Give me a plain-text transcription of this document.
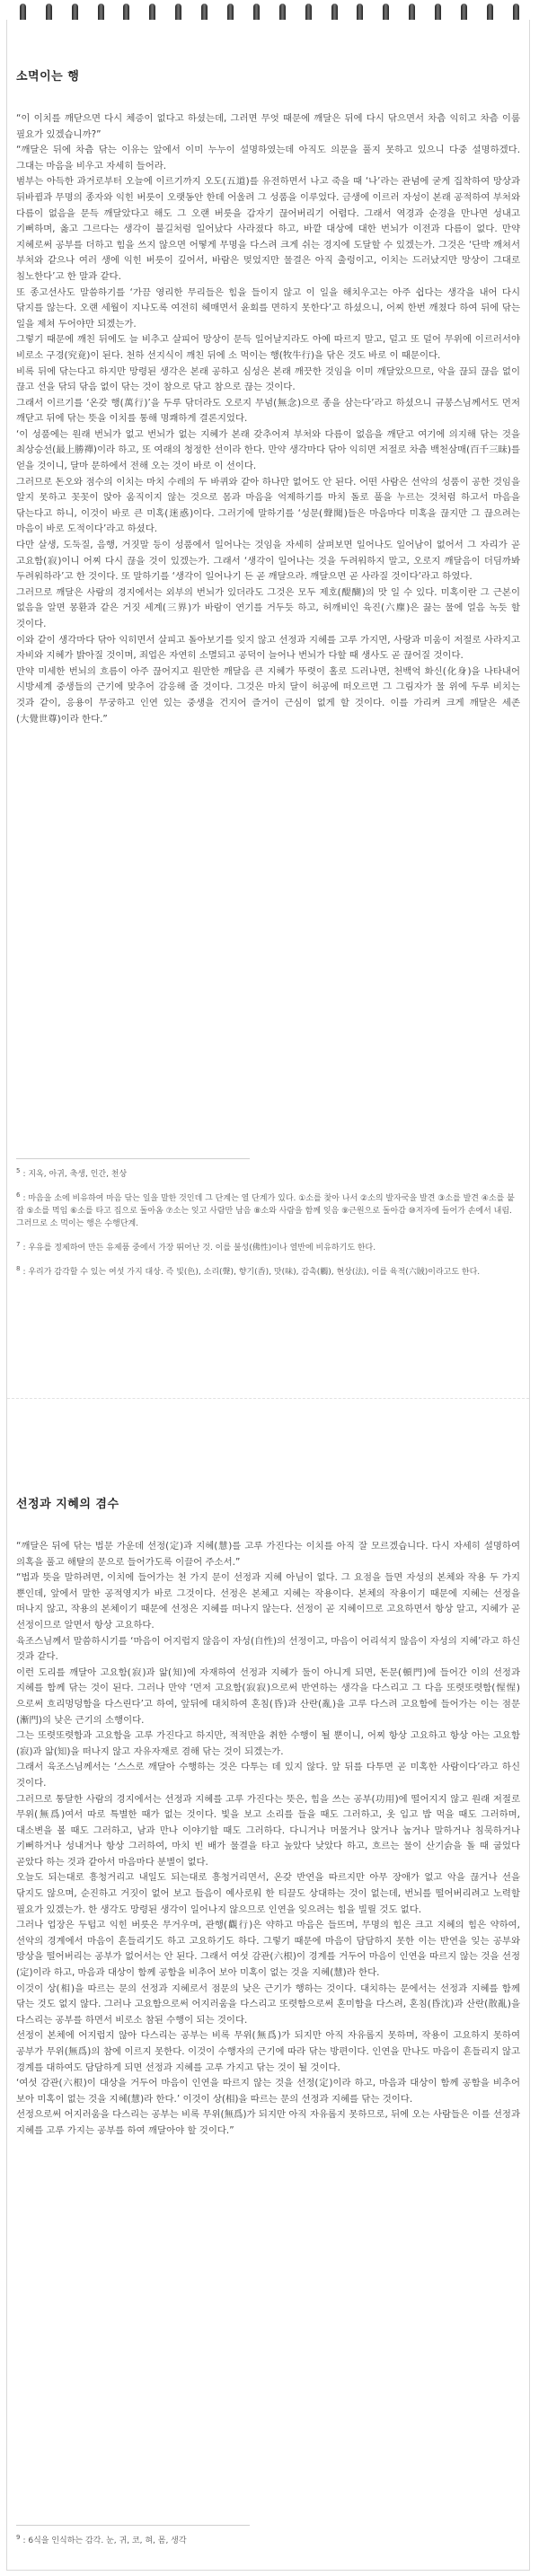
소멱이는 행

“이 이치를 깨닫으면 다시 체증이 없다고 하셨는데, 그러면 무엇 때문에 깨달은 뒤에 다시 닦으면서 차츰 익히고 차츰 이룸 필요가 있겠습니까?”

“깨달은 뒤에 차츰 닦는 이유는 앞에서 이미 누누이 설명하였는데 아직도 의문을 풀지 못하고 있으니 다중 설명하겠다. 그대는 마음을 비우고 자세히 들어라.

범부는 아득한 과거로부터 오늘에 이르기까지 오도(五道)를 유전하면서 나고 죽을 때 ‘나’라는 관념에 굳게 집착하여 망상과 뒤바뀜과 무명의 종자와 익힌 버릇이 오랫동안 한데 어울려 그 성품을 이루었다. 금생에 이르러 자성이 본래 공적하여 부처와 다름이 없음을 문득 깨달았다고 해도 그 오랜 버릇을 갑자기 끊어버리기 어렵다. 그래서 역경과 순경을 만나면 성내고 기뻐하며, 옳고 그르다는 생각이 불길처럼 일어났다 사라졌다 하고, 바깥 대상에 대한 번뇌가 이전과 다름이 없다. 만약 지혜로써 공부를 더하고 힘을 쓰지 않으면 어떻게 무명을 다스려 크게 쉬는 경지에 도달할 수 있겠는가. 그것은 ‘단박 깨쳐서 부처와 같으나 여러 생에 익힌 버릇이 깊어서, 바람은 멎었지만 물결은 아직 출렁이고, 이치는 드러났지만 망상이 그대로 침노한다’고 한 말과 같다.

또 종고선사도 말씀하기를 ‘가끔 영리한 무리들은 힘을 들이지 않고 이 일을 해치우고는 아주 쉽다는 생각을 내어 다시 닦지를 않는다. 오랜 세월이 지나도록 여전히 헤매면서 윤회를 면하지 못한다’고 하셨으니, 어찌 한번 깨쳤다 하여 뒤에 닦는 일을 제쳐 두어야만 되겠는가.

그렇기 때문에 깨친 뒤에도 늘 비추고 살피어 망상이 문득 일어날지라도 아예 따르지 말고, 덜고 또 덜어 무위에 이르러서야 비로소 구경(究竟)이 된다. 천하 선지식이 깨친 뒤에 소 먹이는 행(牧牛行)을 닦은 것도 바로 이 때문이다.

비록 뒤에 닦는다고 하지만 망령된 생각은 본래 공하고 심성은 본래 깨끗한 것임을 이미 깨달았으므로, 악을 끊되 끊음 없이 끊고 선을 닦되 닦음 없이 닦는 것이 참으로 닦고 참으로 끊는 것이다.

그래서 이르기를 ‘온갖 행(萬行)’을 두루 닦더라도 오로지 무념(無念)으로 종을 삼는다’라고 하셨으니 규봉스님께서도 먼저 깨닫고 뒤에 닦는 뜻을 이치를 통해 명쾌하게 결론지었다.

‘이 성품에는 원래 번뇌가 없고 번뇌가 없는 지혜가 본래 갖추어져 부처와 다름이 없음을 깨닫고 여기에 의지해 닦는 것을 최상승선(最上勝禪)이라 하고, 또 여래의 청정한 선이라 한다. 만약 생각마다 닦아 익히면 저절로 차츰 백천삼매(百千三昧)를 얻을 것이니, 달마 문하에서 전해 오는 것이 바로 이 선이다.

그러므로 돈오와 점수의 이치는 마치 수레의 두 바퀴와 같아 하나만 없어도 안 된다. 어떤 사람은 선악의 성품이 공한 것임을 알지 못하고 꼿꼿이 앉아 움직이지 않는 것으로 몸과 마음을 억제하기를 마치 돌로 풀을 누르는 것처럼 하고서 마음을 닦는다고 하니, 이것이 바로 큰 미혹(迷惑)이다. 그러기에 말하기를 ‘성문(聲聞)들은 마음마다 미혹을 끊지만 그 끊으려는 마음이 바로 도적이다’라고 하셨다.

다만 살생, 도둑질, 음행, 거짓말 등이 성품에서 일어나는 것임을 자세히 살펴보면 일어나도 일어남이 없어서 그 자리가 곧 고요함(寂)이니 어찌 다시 끊을 것이 있겠는가. 그래서 ‘생각이 일어나는 것을 두려워하지 말고, 오로지 깨달음이 더딤까봐 두려워하라’고 한 것이다. 또 말하기를 ‘생각이 일어나기 든 곧 깨달으라. 깨달으면 곧 사라질 것이다’라고 하였다.

그러므로 깨달은 사람의 경지에서는 외부의 번뇌가 있더라도 그것은 모두 제호(醍醐)의 맛 일 수 있다. 미혹이란 그 근본이 없음을 알면 몽환과 같은 거짓 세계(三界)가 바람이 연기를 거두듯 하고, 허깨비인 육진(六塵)은 끓는 물에 얼음 녹듯 할 것이다.

이와 같이 생각마다 닦아 익히면서 살피고 돌아보기를 잊지 않고 선정과 지혜를 고루 가지면, 사랑과 미움이 저절로 사라지고 자비와 지혜가 밝아질 것이며, 죄업은 자연히 소멸되고 공덕이 늘어나 번뇌가 다할 때 생사도 곧 끊어질 것이다.

만약 미세한 번뇌의 흐름이 아주 끊어지고 원만한 깨달음 큰 지혜가 뚜렷이 홀로 드러나면, 천백억 화신(化身)을 나타내어 시방세계 중생들의 근기에 맞추어 감응해 줄 것이다. 그것은 마치 달이 허공에 떠오르면 그 그림자가 물 위에 두루 비치는 것과 같이, 응용이 무궁하고 인연 있는 중생을 건지어 즐거이 근심이 없게 할 것이다. 이를 가리켜 크게 깨달은 세존(大覺世尊)이라 한다.”

$^5$ : 지옥, 아귀, 축생, 인간, 천상

$^6$ : 마음을 소에 비유하여 마음 닦는 일을 말한 것인데 그 단계는 열 단계가 있다. ①소를 찾아 나서 ②소의 발자국을 발견 ③소를 발견 ④소를 붙잡 ⑤소를 먹임 ⑥소를 타고 집으로 돌아옴 ⑦소는 잊고 사람만 남음 ⑧소와 사람을 함께 잊음 ⑨근원으로 돌아감 ⑩저자에 들어가 손에서 내림. 그러므로 소 먹이는 행은 수행단계.

$^7$ : 우유를 정제하여 만든 유제품 중에서 가장 뛰어난 것. 이를 불성(佛性)이나 열반에 비유하기도 한다.

$^8$ : 우리가 감각할 수 있는 여섯 가지 대상. 즉 빛(色), 소리(聲), 향기(香), 맛(味), 감촉(觸), 현상(法), 이를 육적(六賊)이라고도 한다.

선정과 지혜의 겸수

“깨달은 뒤에 닦는 법문 가운데 선정(定)과 지혜(慧)를 고루 가진다는 이치를 아직 잘 모르겠습니다. 다시 자세히 설명하여 의혹을 풀고 해탈의 문으로 들어가도록 이끌어 주소서.”

“법과 뜻을 말하려면, 이치에 들어가는 천 가지 문이 선정과 지혜 아님이 없다. 그 요점을 들면 자성의 본체와 작용 두 가지 뿐인데, 앞에서 말한 공적영지가 바로 그것이다. 선정은 본체고 지혜는 작용이다. 본체의 작용이기 때문에 지혜는 선정을 떠나지 않고, 작용의 본체이기 때문에 선정은 지혜를 떠나지 않는다. 선정이 곧 지혜이므로 고요하면서 항상 알고, 지혜가 곧 선정이므로 알면서 항상 고요하다.

육조스님께서 말씀하시기를 ‘마음이 어지럽지 않음이 자성(自性)의 선정이고, 마음이 어리석지 않음이 자성의 지혜’라고 하신 것과 같다.

이런 도리를 깨달아 고요함(寂)과 앎(知)에 자재하여 선정과 지혜가 둘이 아니게 되면, 돈문(頓門)에 들어간 이의 선정과 지혜를 함께 닦는 것이 된다. 그러나 만약 ‘먼저 고요함(寂寂)으로써 반연하는 생각을 다스리고 그 다음 또렷또렷함(惺惺)으로써 흐리멍덩함을 다스린다’고 하여, 앞뒤에 대치하여 혼침(昏)과 산란(亂)을 고루 다스려 고요함에 들어가는 이는 점문(漸門)의 낮은 근기의 소행이다.

그는 또렷또렷함과 고요함을 고루 가진다고 하지만, 적적만을 취한 수행이 될 뿐이니, 어찌 항상 고요하고 항상 아는 고요함(寂)과 앎(知)을 떠나지 않고 자유자재로 겸해 닦는 것이 되겠는가.

그래서 육조스님께서는 ‘스스로 깨달아 수행하는 것은 다투는 데 있지 않다. 앞 뒤를 다투면 곧 미혹한 사람이다’라고 하신 것이다.

그러므로 통달한 사람의 경지에서는 선정과 지혜를 고루 가진다는 뜻은, 힘을 쓰는 공부(功用)에 떨어지지 않고 원래 저절로 무위(無爲)여서 따로 특별한 때가 없는 것이다. 빛을 보고 소리를 들을 때도 그러하고, 옷 입고 밥 먹을 때도 그러하며, 대소변을 볼 때도 그러하고, 남과 만나 이야기할 때도 그러하다. 다니거나 머물거나 앉거나 눕거나 말하거나 침묵하거나 기뻐하거나 성내거나 항상 그러하여, 마치 빈 배가 물결을 타고 높았다 낮았다 하고, 흐르는 물이 산기슭을 돌 때 굽었다 곧았다 하는 것과 같아서 마음마다 분별이 없다.

오늘도 되는대로 흥청거리고 내일도 되는대로 흥청거리면서, 온갖 반연을 따르지만 아무 장애가 없고 악을 끊거나 선을 닦지도 않으며, 순진하고 거짓이 없어 보고 들음이 예사로워 한 티끌도 상대하는 것이 없는데, 번뇌를 떨어버리려고 노력할 필요가 있겠는가. 한 생각도 망령된 생각이 일어나지 않으므로 인연을 잊으려는 힘을 빌릴 것도 없다.

그러나 업장은 두텁고 익힌 버릇은 무거우며, 관행(觀行)은 약하고 마음은 들뜨며, 무명의 힘은 크고 지혜의 힘은 약하여, 선악의 경계에서 마음이 흔들리기도 하고 고요하기도 하다. 그렇기 때문에 마음이 담담하지 못한 이는 반연을 잊는 공부와 망상을 떨어버리는 공부가 없어서는 안 된다. 그래서 여섯 감관(六根)이 경계를 거두어 마음이 인연을 따르지 않는 것을 선정(定)이라 하고, 마음과 대상이 함께 공함을 비추어 보아 미혹이 없는 것을 지혜(慧)라 한다.

이것이 상(相)을 따르는 문의 선정과 지혜로서 점문의 낮은 근기가 행하는 것이다. 대치하는 문에서는 선정과 지혜를 함께 닦는 것도 없지 않다. 그러나 고요함으로써 어지러움을 다스리고 또렷함으로써 혼미함을 다스려, 혼침(昏沈)과 산란(散亂)을 다스리는 공부를 하면서 비로소 참된 수행이 되는 것이다.

선정이 본체에 어지럽지 않아 다스리는 공부는 비록 무위(無爲)가 되지만 아직 자유롭지 못하며, 작용이 고요하지 못하여 공부가 무위(無爲)의 참에 이르지 못한다. 이것이 수행자의 근기에 따라 닦는 방편이다. 인연을 만나도 마음이 흔들리지 않고 경계를 대하여도 담담하게 되면 선정과 지혜를 고루 가지고 닦는 것이 될 것이다.

‘여섯 감관(六根)이 대상을 거두어 마음이 인연을 따르지 않는 것을 선정(定)이라 하고, 마음과 대상이 함께 공함을 비추어 보아 미혹이 없는 것을 지혜(慧)라 한다.’ 이것이 상(相)을 따르는 문의 선정과 지혜를 닦는 것이다.

선정으로써 어지러움을 다스리는 공부는 비록 무위(無爲)가 되지만 아직 자유롭지 못하므로, 뒤에 오는 사람들은 이를 선정과 지혜를 고루 가지는 공부를 하여 깨달아야 할 것이다.”

$^9$ : 6식을 인식하는 감각. 눈, 귀, 코, 혀, 몸, 생각
